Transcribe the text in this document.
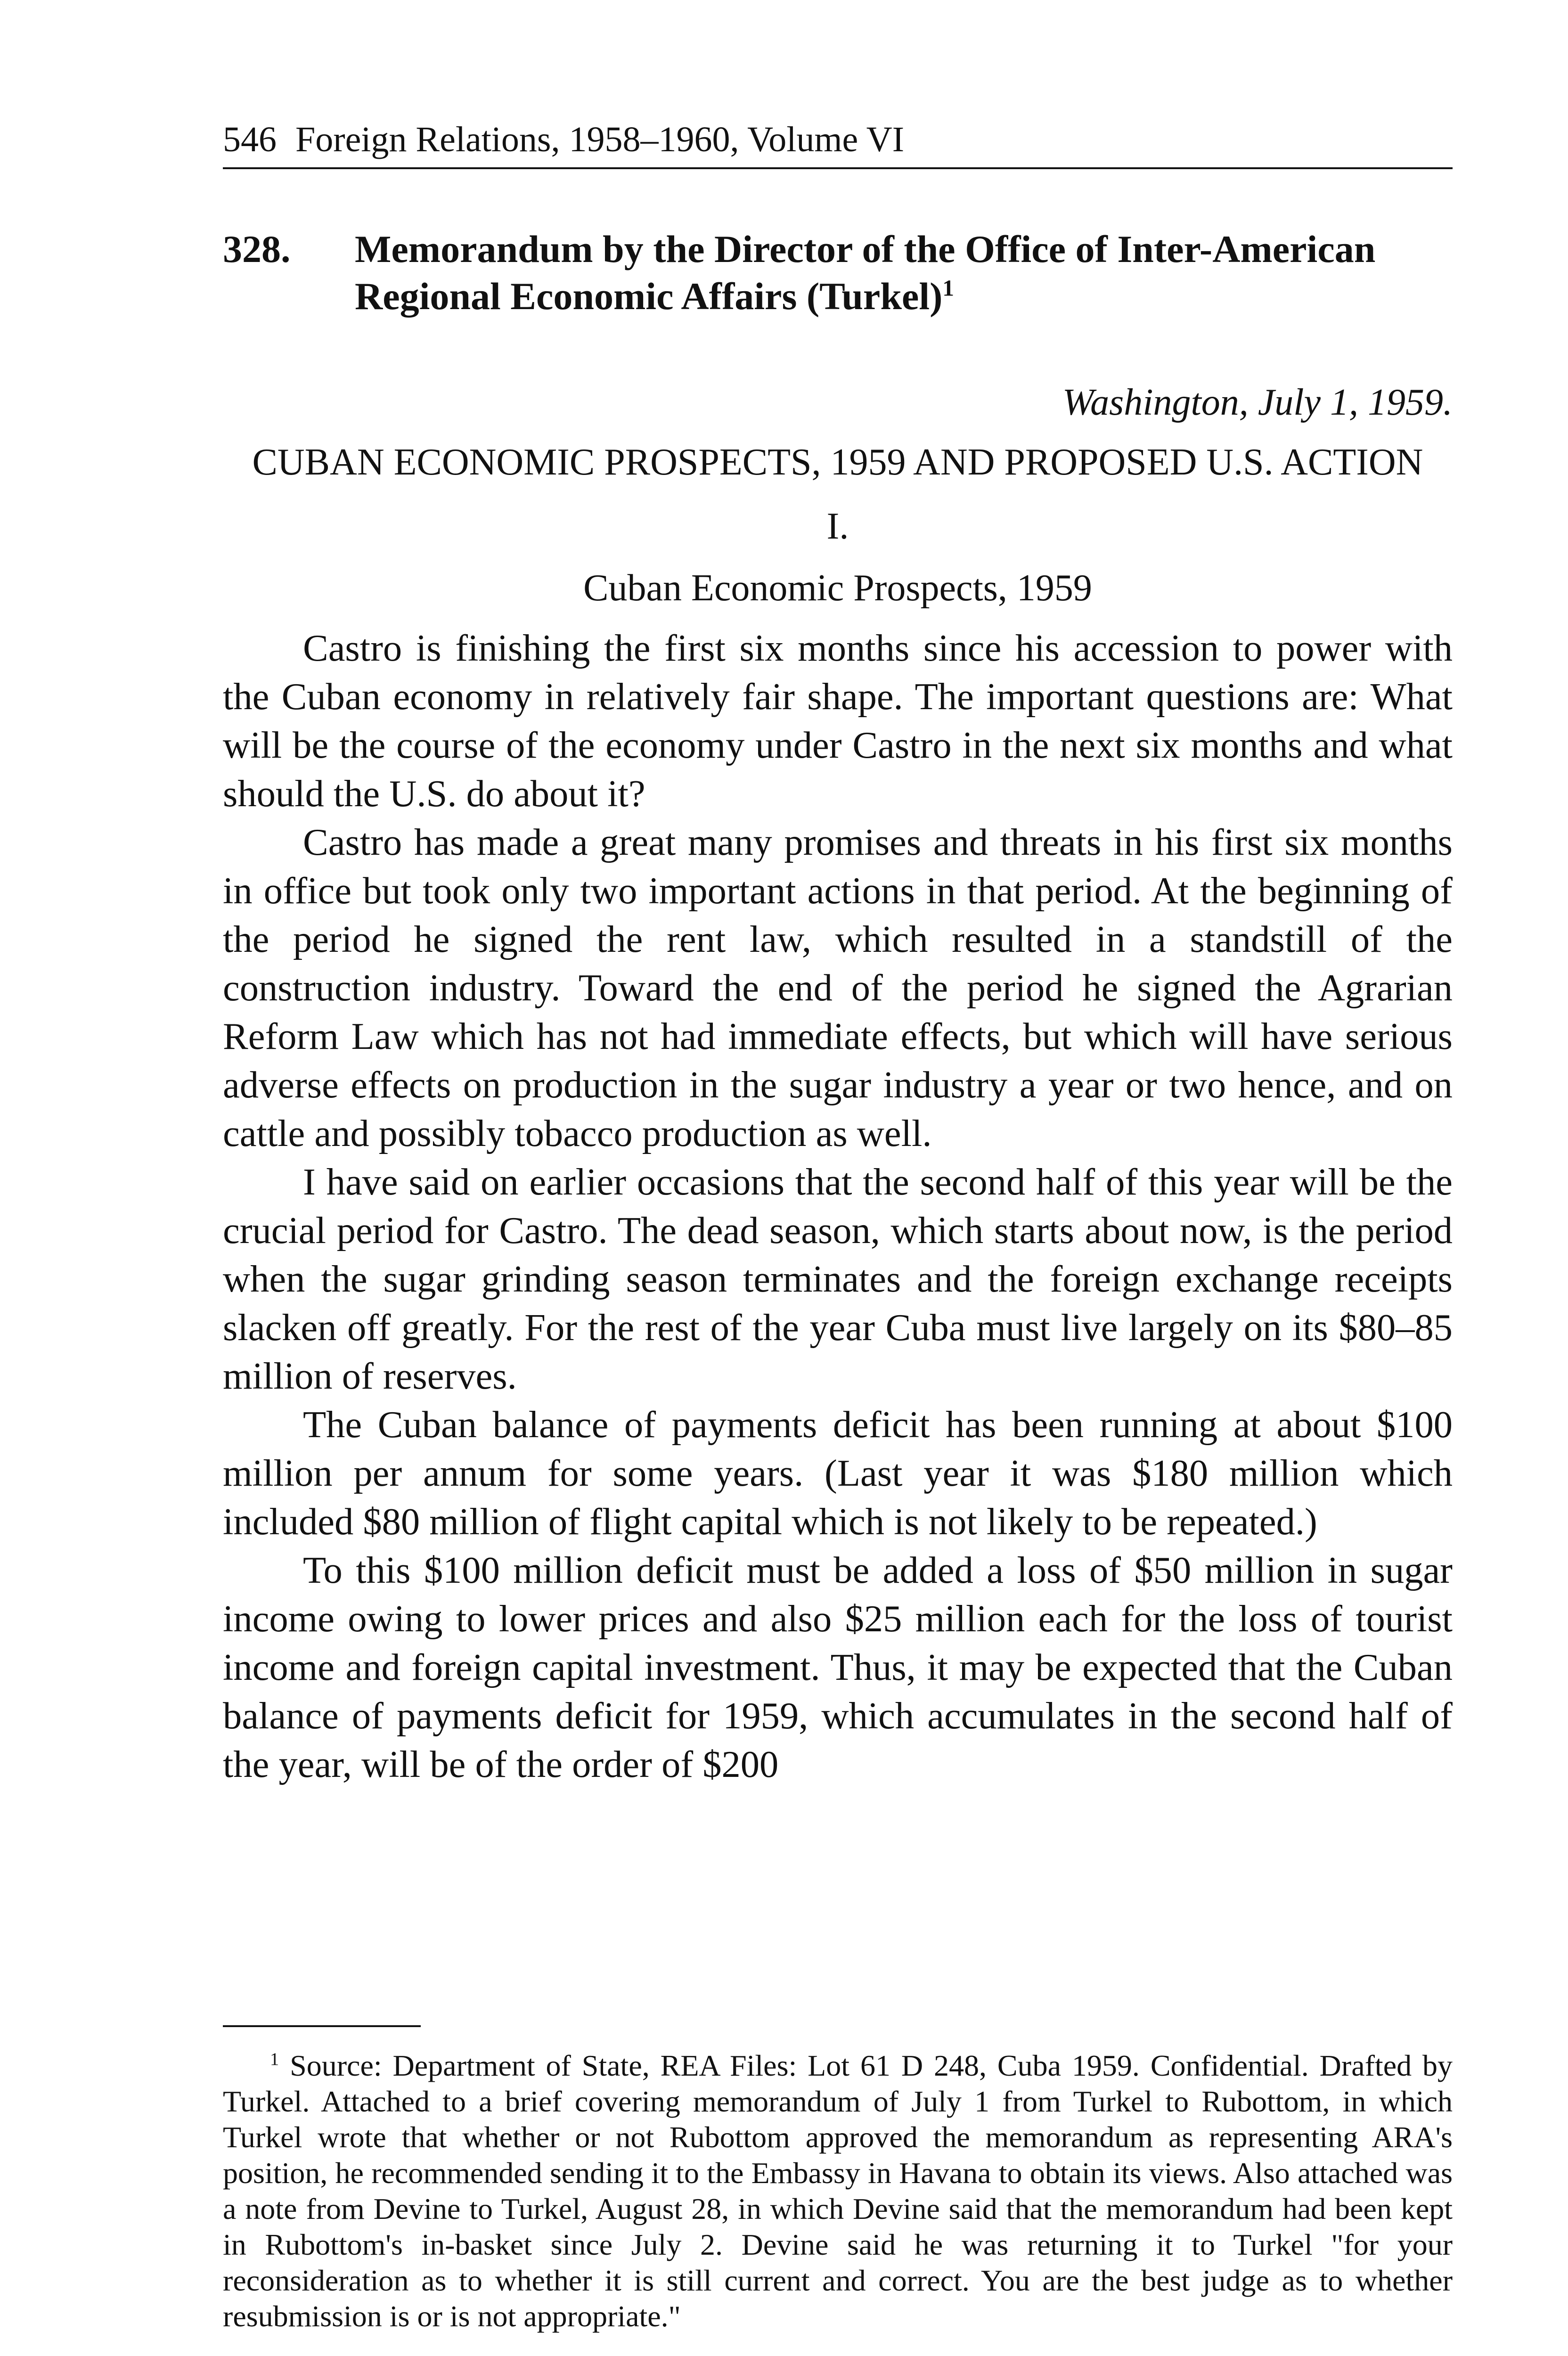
546 Foreign Relations, 1958–1960, Volume VI
328.	Memorandum by the Director of the Office of Inter-American Regional Economic Affairs (Turkel)$^1$
Washington, July 1, 1959.
CUBAN ECONOMIC PROSPECTS, 1959 AND PROPOSED U.S. ACTION
I.
Cuban Economic Prospects, 1959

Castro is finishing the first six months since his accession to power with the Cuban economy in relatively fair shape. The important questions are: What will be the course of the economy under Castro in the next six months and what should the U.S. do about it?

Castro has made a great many promises and threats in his first six months in office but took only two important actions in that period. At the beginning of the period he signed the rent law, which resulted in a standstill of the construction industry. Toward the end of the period he signed the Agrarian Reform Law which has not had immediate effects, but which will have serious adverse effects on production in the sugar industry a year or two hence, and on cattle and possibly tobacco production as well.

I have said on earlier occasions that the second half of this year will be the crucial period for Castro. The dead season, which starts about now, is the period when the sugar grinding season terminates and the foreign exchange receipts slacken off greatly. For the rest of the year Cuba must live largely on its $80–85 million of reserves.

The Cuban balance of payments deficit has been running at about $100 million per annum for some years. (Last year it was $180 million which included $80 million of flight capital which is not likely to be repeated.)

To this $100 million deficit must be added a loss of $50 million in sugar income owing to lower prices and also $25 million each for the loss of tourist income and foreign capital investment. Thus, it may be expected that the Cuban balance of payments deficit for 1959, which accumulates in the second half of the year, will be of the order of $200

$^1$ Source: Department of State, REA Files: Lot 61 D 248, Cuba 1959. Confidential. Drafted by Turkel. Attached to a brief covering memorandum of July 1 from Turkel to Rubottom, in which Turkel wrote that whether or not Rubottom approved the memorandum as representing ARA's position, he recommended sending it to the Embassy in Havana to obtain its views. Also attached was a note from Devine to Turkel, August 28, in which Devine said that the memorandum had been kept in Rubottom's in-basket since July 2. Devine said he was returning it to Turkel "for your reconsideration as to whether it is still current and correct. You are the best judge as to whether resubmission is or is not appropriate."
